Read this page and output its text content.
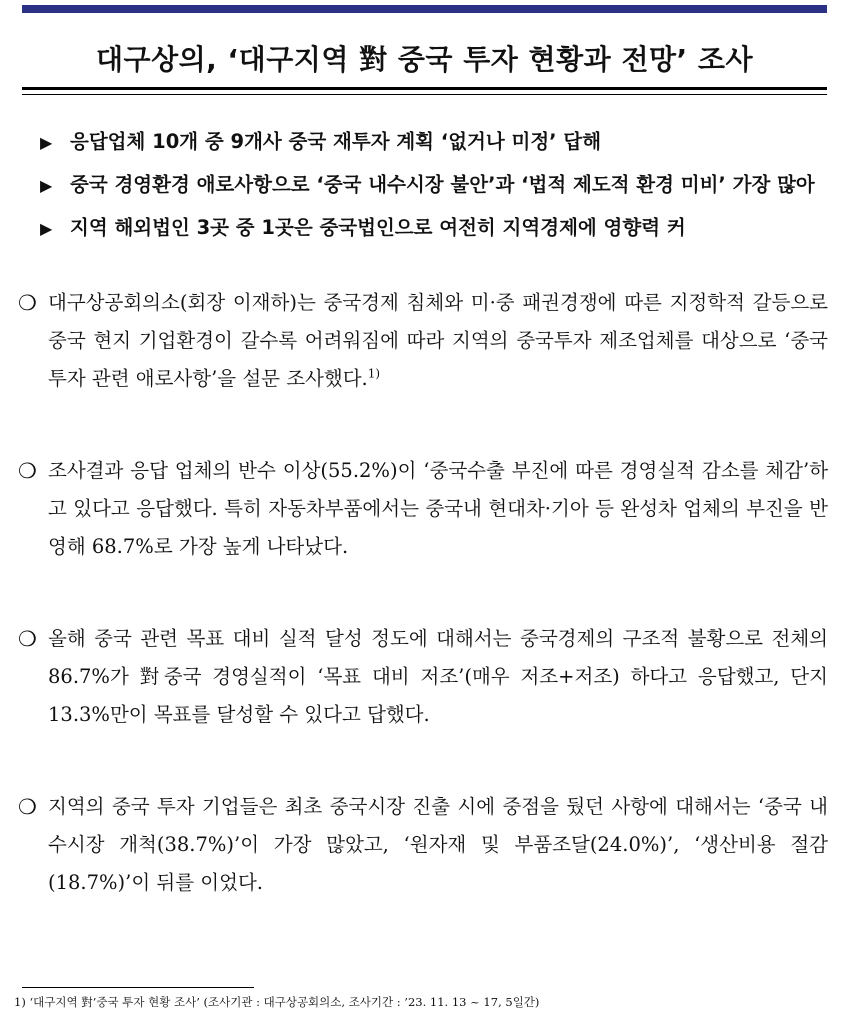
대구상의, ‘대구지역 對 중국 투자 현황과 전망’ 조사
▶ 응답업체 10개 중 9개사 중국 재투자 계획 ‘없거나 미정’ 답해
▶ 중국 경영환경 애로사항으로 ‘중국 내수시장 불안’과 ‘법적 제도적 환경 미비’ 가장 많아
▶ 지역 해외법인 3곳 중 1곳은 중국법인으로 여전히 지역경제에 영향력 커
❍ 대구상공회의소(회장 이재하)는 중국경제 침체와 미·중 패권경쟁에 따른 지정학적 갈등으로 중국 현지 기업환경이 갈수록 어려워짐에 따라 지역의 중국투자 제조업체를 대상으로 ‘중국 투자 관련 애로사항’을 설문 조사했다.$^{1)}$
❍ 조사결과 응답 업체의 반수 이상(55.2%)이 ‘중국수출 부진에 따른 경영실적 감소를 체감’하고 있다고 응답했다. 특히 자동차부품에서는 중국내 현대차·기아 등 완성차 업체의 부진을 반영해 68.7%로 가장 높게 나타났다.
❍ 올해 중국 관련 목표 대비 실적 달성 정도에 대해서는 중국경제의 구조적 불황으로 전체의 86.7%가 對중국 경영실적이 ‘목표 대비 저조’(매우 저조+저조) 하다고 응답했고, 단지 13.3%만이 목표를 달성할 수 있다고 답했다.
❍ 지역의 중국 투자 기업들은 최초 중국시장 진출 시에 중점을 뒀던 사항에 대해서는 ‘중국 내수시장 개척(38.7%)’이 가장 많았고, ‘원자재 및 부품조달(24.0%)’, ‘생산비용 절감(18.7%)’이 뒤를 이었다.
1) ‘대구지역 對’중국 투자 현황 조사’ (조사기관 : 대구상공회의소, 조사기간 : ’23. 11. 13 ~ 17, 5일간)
